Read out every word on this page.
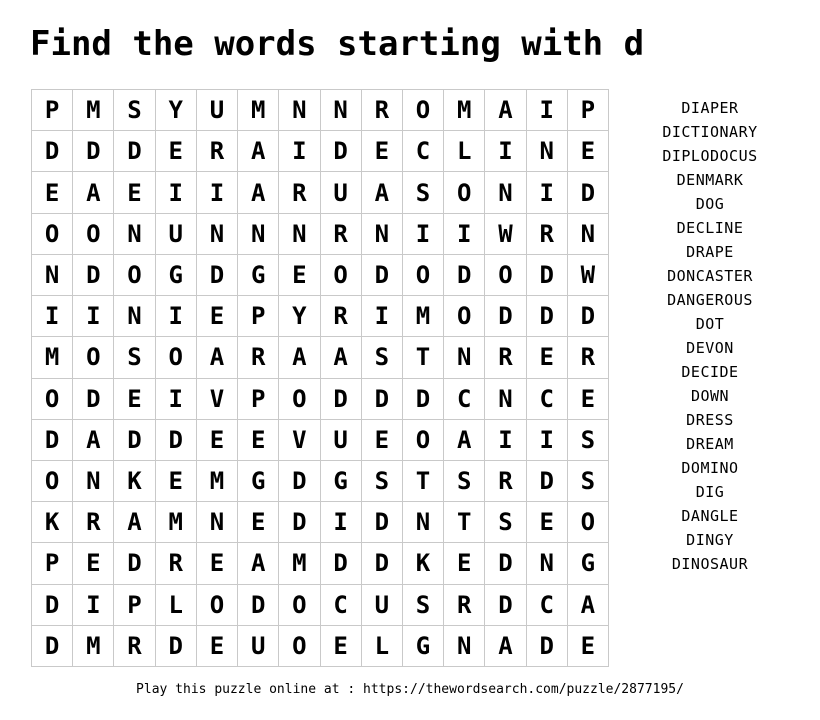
Find the words starting with d
P	M	S	Y	U	M	N	N	R	O	M	A	I	P
D	D	D	E	R	A	I	D	E	C	L	I	N	E
E	A	E	I	I	A	R	U	A	S	O	N	I	D
O	O	N	U	N	N	N	R	N	I	I	W	R	N
N	D	O	G	D	G	E	O	D	O	D	O	D	W
I	I	N	I	E	P	Y	R	I	M	O	D	D	D
M	O	S	O	A	R	A	A	S	T	N	R	E	R
O	D	E	I	V	P	O	D	D	D	C	N	C	E
D	A	D	D	E	E	V	U	E	O	A	I	I	S
O	N	K	E	M	G	D	G	S	T	S	R	D	S
K	R	A	M	N	E	D	I	D	N	T	S	E	O
P	E	D	R	E	A	M	D	D	K	E	D	N	G
D	I	P	L	O	D	O	C	U	S	R	D	C	A
D	M	R	D	E	U	O	E	L	G	N	A	D	E
DIAPER
DICTIONARY
DIPLODOCUS
DENMARK
DOG
DECLINE
DRAPE
DONCASTER
DANGEROUS
DOT
DEVON
DECIDE
DOWN
DRESS
DREAM
DOMINO
DIG
DANGLE
DINGY
DINOSAUR
Play this puzzle online at : https://thewordsearch.com/puzzle/2877195/
